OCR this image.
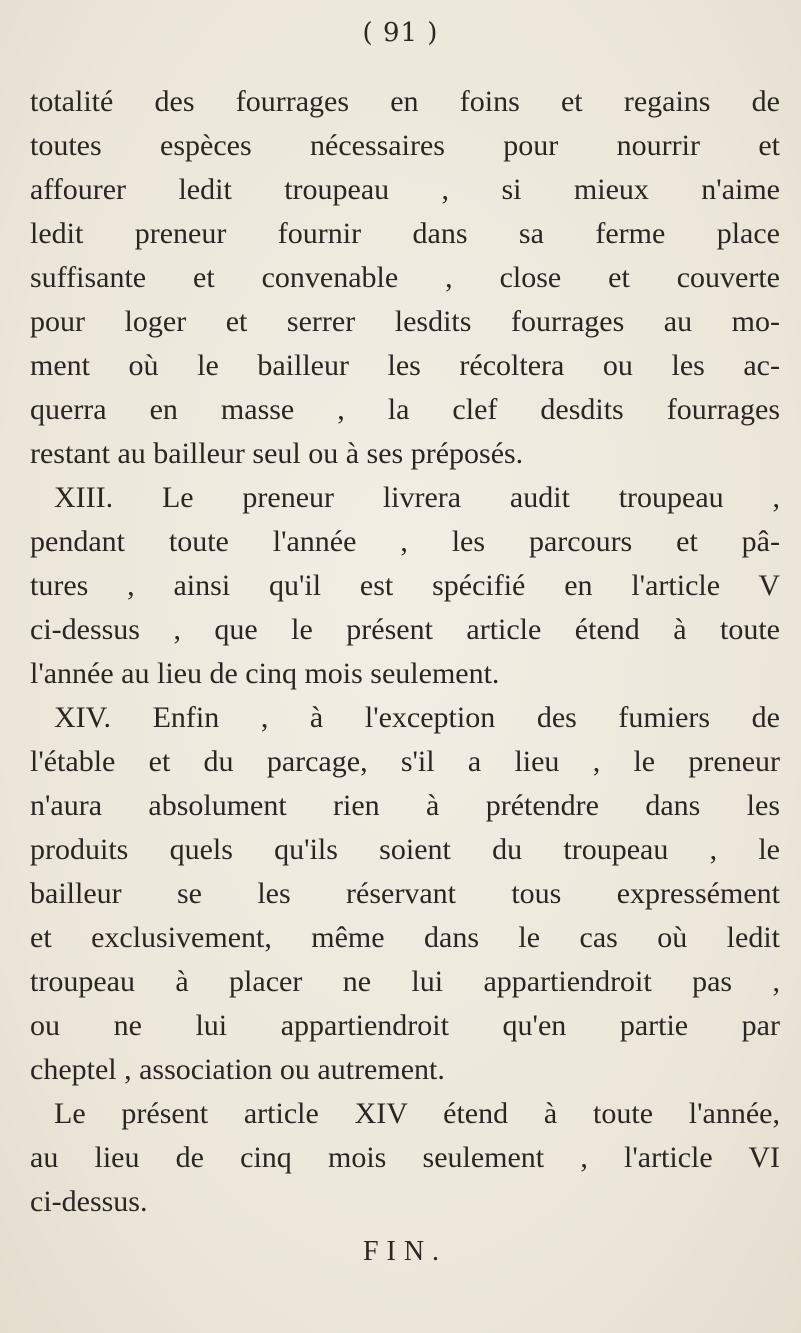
( 91 )
totalité des fourrages en foins et regains de
toutes espèces nécessaires pour nourrir et
affourer ledit troupeau , si mieux n'aime
ledit preneur fournir dans sa ferme place
suffisante et convenable , close et couverte
pour loger et serrer lesdits fourrages au mo-
ment où le bailleur les récoltera ou les ac-
querra en masse , la clef desdits fourrages
restant au bailleur seul ou à ses préposés.
XIII. Le preneur livrera audit troupeau ,
pendant toute l'année , les parcours et pâ-
tures , ainsi qu'il est spécifié en l'article V
ci-dessus , que le présent article étend à toute
l'année au lieu de cinq mois seulement.
XIV. Enfin , à l'exception des fumiers de
l'étable et du parcage, s'il a lieu , le preneur
n'aura absolument rien à prétendre dans les
produits quels qu'ils soient du troupeau , le
bailleur se les réservant tous expressément
et exclusivement, même dans le cas où ledit
troupeau à placer ne lui appartiendroit pas ,
ou ne lui appartiendroit qu'en partie par
cheptel , association ou autrement.
Le présent article XIV étend à toute l'année,
au lieu de cinq mois seulement , l'article VI
ci-dessus.
FIN.
